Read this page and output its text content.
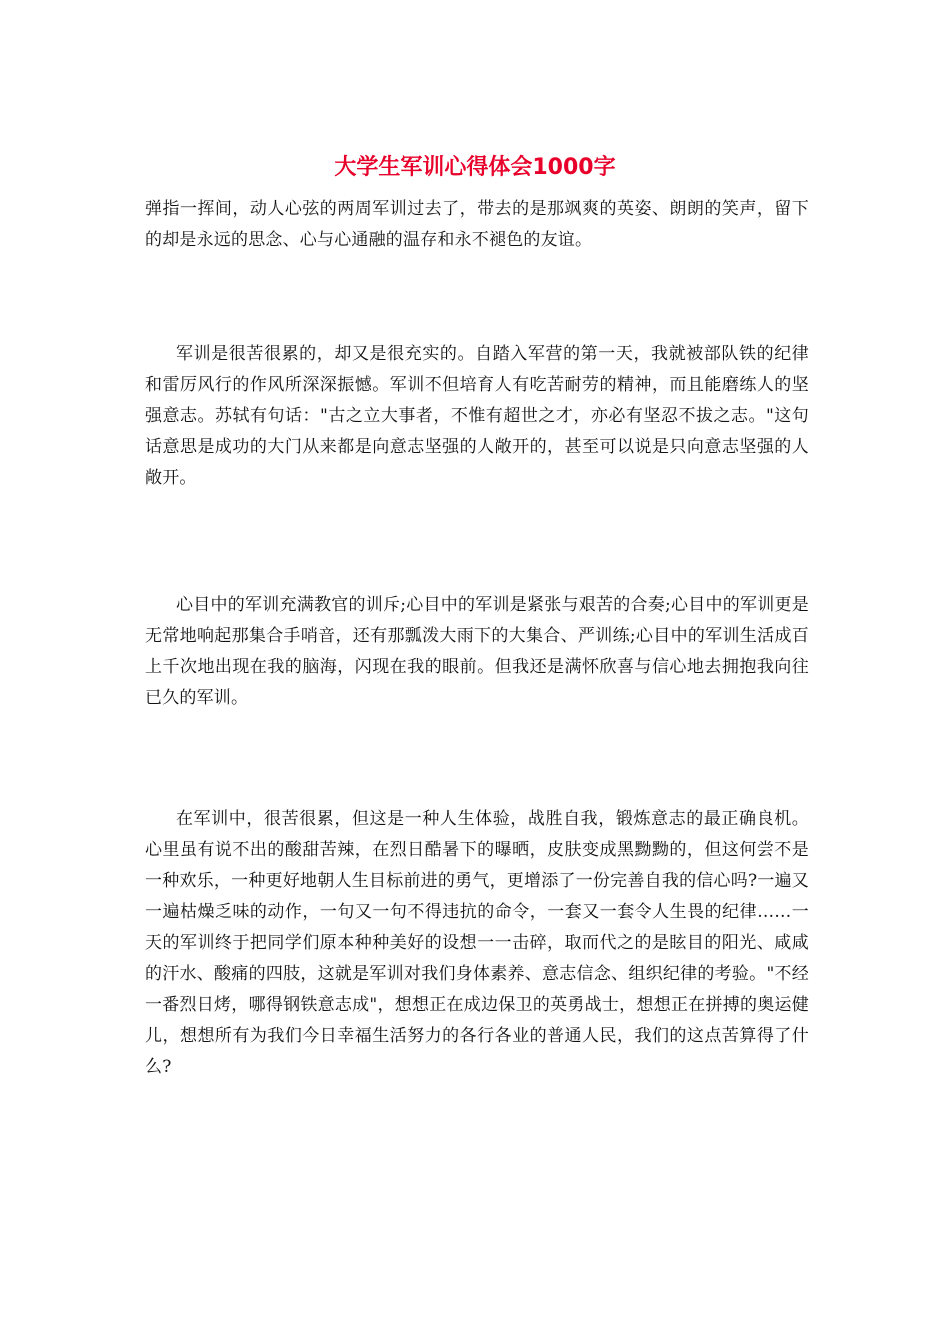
大学生军训心得体会1000字

弹指一挥间，动人心弦的两周军训过去了，带去的是那飒爽的英姿、朗朗的笑声，留下的却是永远的思念、心与心通融的温存和永不褪色的友谊。

军训是很苦很累的，却又是很充实的。自踏入军营的第一天，我就被部队铁的纪律和雷厉风行的作风所深深振憾。军训不但培育人有吃苦耐劳的精神，而且能磨练人的坚强意志。苏轼有句话："古之立大事者，不惟有超世之才，亦必有坚忍不拔之志。"这句话意思是成功的大门从来都是向意志坚强的人敞开的，甚至可以说是只向意志坚强的人敞开。

心目中的军训充满教官的训斥;心目中的军训是紧张与艰苦的合奏;心目中的军训更是无常地响起那集合手哨音，还有那瓢泼大雨下的大集合、严训练;心目中的军训生活成百上千次地出现在我的脑海，闪现在我的眼前。但我还是满怀欣喜与信心地去拥抱我向往已久的军训。

在军训中，很苦很累，但这是一种人生体验，战胜自我，锻炼意志的最正确良机。心里虽有说不出的酸甜苦辣，在烈日酷暑下的曝晒，皮肤变成黑黝黝的，但这何尝不是一种欢乐，一种更好地朝人生目标前进的勇气，更增添了一份完善自我的信心吗?一遍又一遍枯燥乏味的动作，一句又一句不得违抗的命令，一套又一套令人生畏的纪律……一天的军训终于把同学们原本种种美好的设想一一击碎，取而代之的是眩目的阳光、咸咸的汗水、酸痛的四肢，这就是军训对我们身体素养、意志信念、组织纪律的考验。"不经一番烈日烤，哪得钢铁意志成"，想想正在成边保卫的英勇战士，想想正在拼搏的奥运健儿，想想所有为我们今日幸福生活努力的各行各业的普通人民，我们的这点苦算得了什么?
